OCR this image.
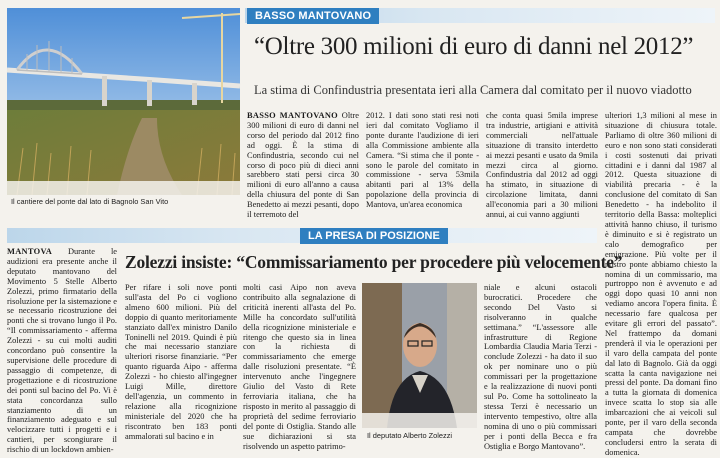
Il cantiere del ponte dal lato di Bagnolo San Vito
BASSO MANTOVANO
“Oltre 300 milioni di euro di danni nel 2012”
La stima di Confindustria presentata ieri alla Camera dal comitato per il nuovo viadotto
BASSO MANTOVANO Oltre 300 milioni di euro di danni nel corso del periodo dal 2012 fino ad oggi. È la stima di Confindustria, secondo cui nel corso di poco più di dieci anni sarebbero stati persi circa 30 milioni di euro all'anno a causa della chiusura del ponte di San Benedetto ai mezzi pesanti, dopo il terremoto del
2012. I dati sono stati resi noti ieri dal comitato Vogliamo il ponte durante l'audizione di ieri alla Commissione ambiente alla Camera. “Si stima che il ponte - sono le parole del comitato in commissione - serva 53mila abitanti pari al 13% della popolazione della provincia di Mantova, un'area economica
che conta quasi 5mila imprese tra industrie, artigiani e attività commerciali nell'attuale situazione di transito interdetto ai mezzi pesanti e usato da 9mila mezzi circa al giorno. Confindustria dal 2012 ad oggi ha stimato, in situazione di circolazione limitata, danni all'economia pari a 30 milioni annui, ai cui vanno aggiunti
ulteriori 1,3 milioni al mese in situazione di chiusura totale. Parliamo di oltre 360 milioni di euro e non sono stati considerati i costi sostenuti dai privati cittadini e i danni dal 1987 al 2012. Questa situazione di viabilità precaria - è la conclusione del comitato di San Benedetto - ha indebolito il territorio della Bassa: molteplici attività hanno chiuso, il turismo è diminuito e si è registrato un calo demografico per emigrazione. Più volte per il nostro ponte abbiamo chiesto la nomina di un commissario, ma purtroppo non è avvenuto e ad oggi dopo quasi 10 anni non vediamo ancora l'opera finita. È necessario fare qualcosa per evitare gli errori del passato”. Nel frattempo da domani prenderà il via le operazioni per il varo della campata del ponte dal lato di Bagnolo. Già da oggi scatta la canta navigazione nei pressi del ponte. Da domani fino a tutta la giornata di domenica invece scatta lo stop sia alle imbarcazioni che ai veicoli sul ponte, per il varo della seconda campata che dovrebbe concludersi entro la serata di domenica.
LA PRESA DI POSIZIONE
Zolezzi insiste: “Commissariamento per procedere più velocemente”
MANTOVA Durante le audizioni era presente anche il deputato mantovano del Movimento 5 Stelle Alberto Zolezzi, primo firmatario della risoluzione per la sistemazione e se necessario ricostruzione dei ponti che si trovano lungo il Po. “Il commissariamento - afferma Zolezzi - su cui molti auditi concordano può consentire la supervisione delle procedure di passaggio di competenze, di progettazione e di ricostruzione dei ponti sul bacino del Po. Vi è stata concordanza sullo stanziamento di un finanziamento adeguato e sul velocizzare tutti i progetti e i cantieri, per scongiurare il rischio di un lockdown ambien-
Per rifare i soli nove ponti sull'asta del Po ci vogliono almeno 600 milioni. Più del doppio di quanto meritoriamente stanziato dall'ex ministro Danilo Toninelli nel 2019. Quindi è più che mai necessario stanziare ulteriori risorse finanziarie. “Per quanto riguarda Aipo - afferma Zolezzi - ho chiesto all'ingegner Luigi Mille, direttore dell'agenzia, un commento in relazione alla ricognizione ministeriale del 2020 che ha riscontrato ben 183 ponti ammalorati sul bacino e in
molti casi Aipo non aveva contribuito alla segnalazione di criticità inerenti all'asta del Po. Mille ha concordato sull'utilità della ricognizione ministeriale e ritengo che questo sia in linea con la richiesta di commissariamento che emerge dalle risoluzioni presentate. “È intervenuto anche l'ingegnere Giulio del Vasto di Rete ferroviaria italiana, che ha risposto in merito al passaggio di proprietà del sedime ferroviario del ponte di Ostiglia. Stando alle sue dichiarazioni si sta risolvendo un aspetto patrimo-
Il deputato Alberto Zolezzi
niale e alcuni ostacoli burocratici. Procedere che secondo Del Vasto si risolveranno in qualche settimana.” “L'assessore alle infrastrutture di Regione Lombardia Claudia Maria Terzi - conclude Zolezzi - ha dato il suo ok per nominare uno o più commissari per la progettazione e la realizzazione di nuovi ponti sul Po. Come ha sottolineato la stessa Terzi è necessario un intervento tempestivo, oltre alla nomina di uno o più commissari per i ponti della Becca e fra Ostiglia e Borgo Mantovano”.
